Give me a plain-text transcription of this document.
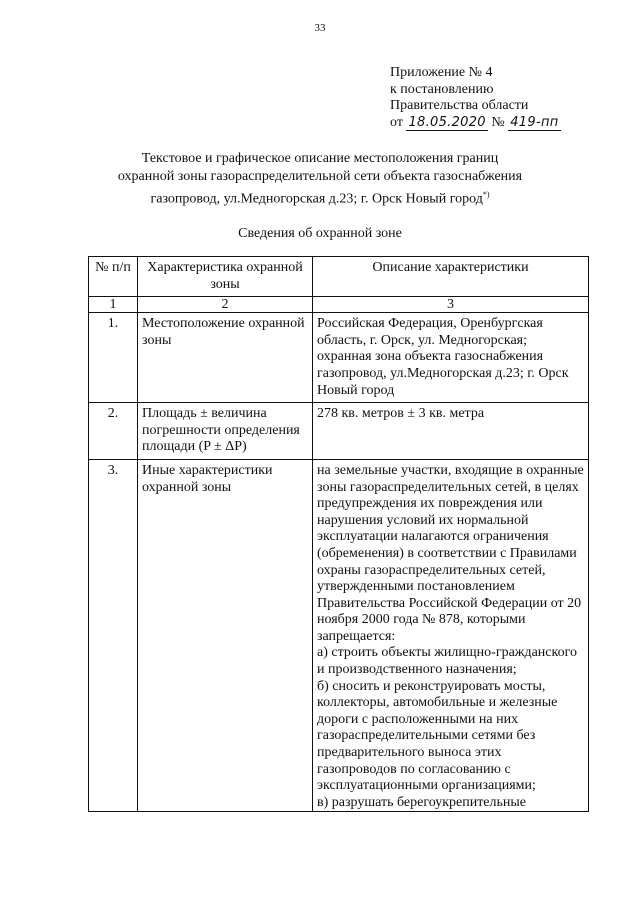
33
Приложение № 4
к постановлению
Правительства области
от 18.05.2020 № 419-пп
Текстовое и графическое описание местоположения границ
охранной зоны газораспределительной сети объекта газоснабжения
газопровод, ул.Медногорская д.23; г. Орск Новый город*)
Сведения об охранной зоне
№ п/п	Характеристика охранной зоны	Описание характеристики
1	2	3
1.	Местоположение охранной зоны	Российская Федерация, Оренбургская область, г. Орск, ул. Медногорская; охранная зона объекта газоснабжения газопровод, ул.Медногорская д.23; г. Орск Новый город

2.	Площадь ± величина погрешности определения площади (P ± ΔP)	278 кв. метров ± 3 кв. метра

3.	Иные характеристики охранной зоны	на земельные участки, входящие в охранные зоны газораспределительных сетей, в целях предупреждения их повреждения или нарушения условий их нормальной эксплуатации налагаются ограничения (обременения) в соответствии с Правилами охраны газораспределительных сетей, утвержденными постановлением Правительства Российской Федерации от 20 ноября 2000 года № 878, которыми запрещается:
а) строить объекты жилищно-гражданского и производственного назначения;
б) сносить и реконструировать мосты, коллекторы, автомобильные и железные дороги с расположенными на них газораспределительными сетями без предварительного выноса этих газопроводов по согласованию с эксплуатационными организациями;
в) разрушать берегоукрепительные
